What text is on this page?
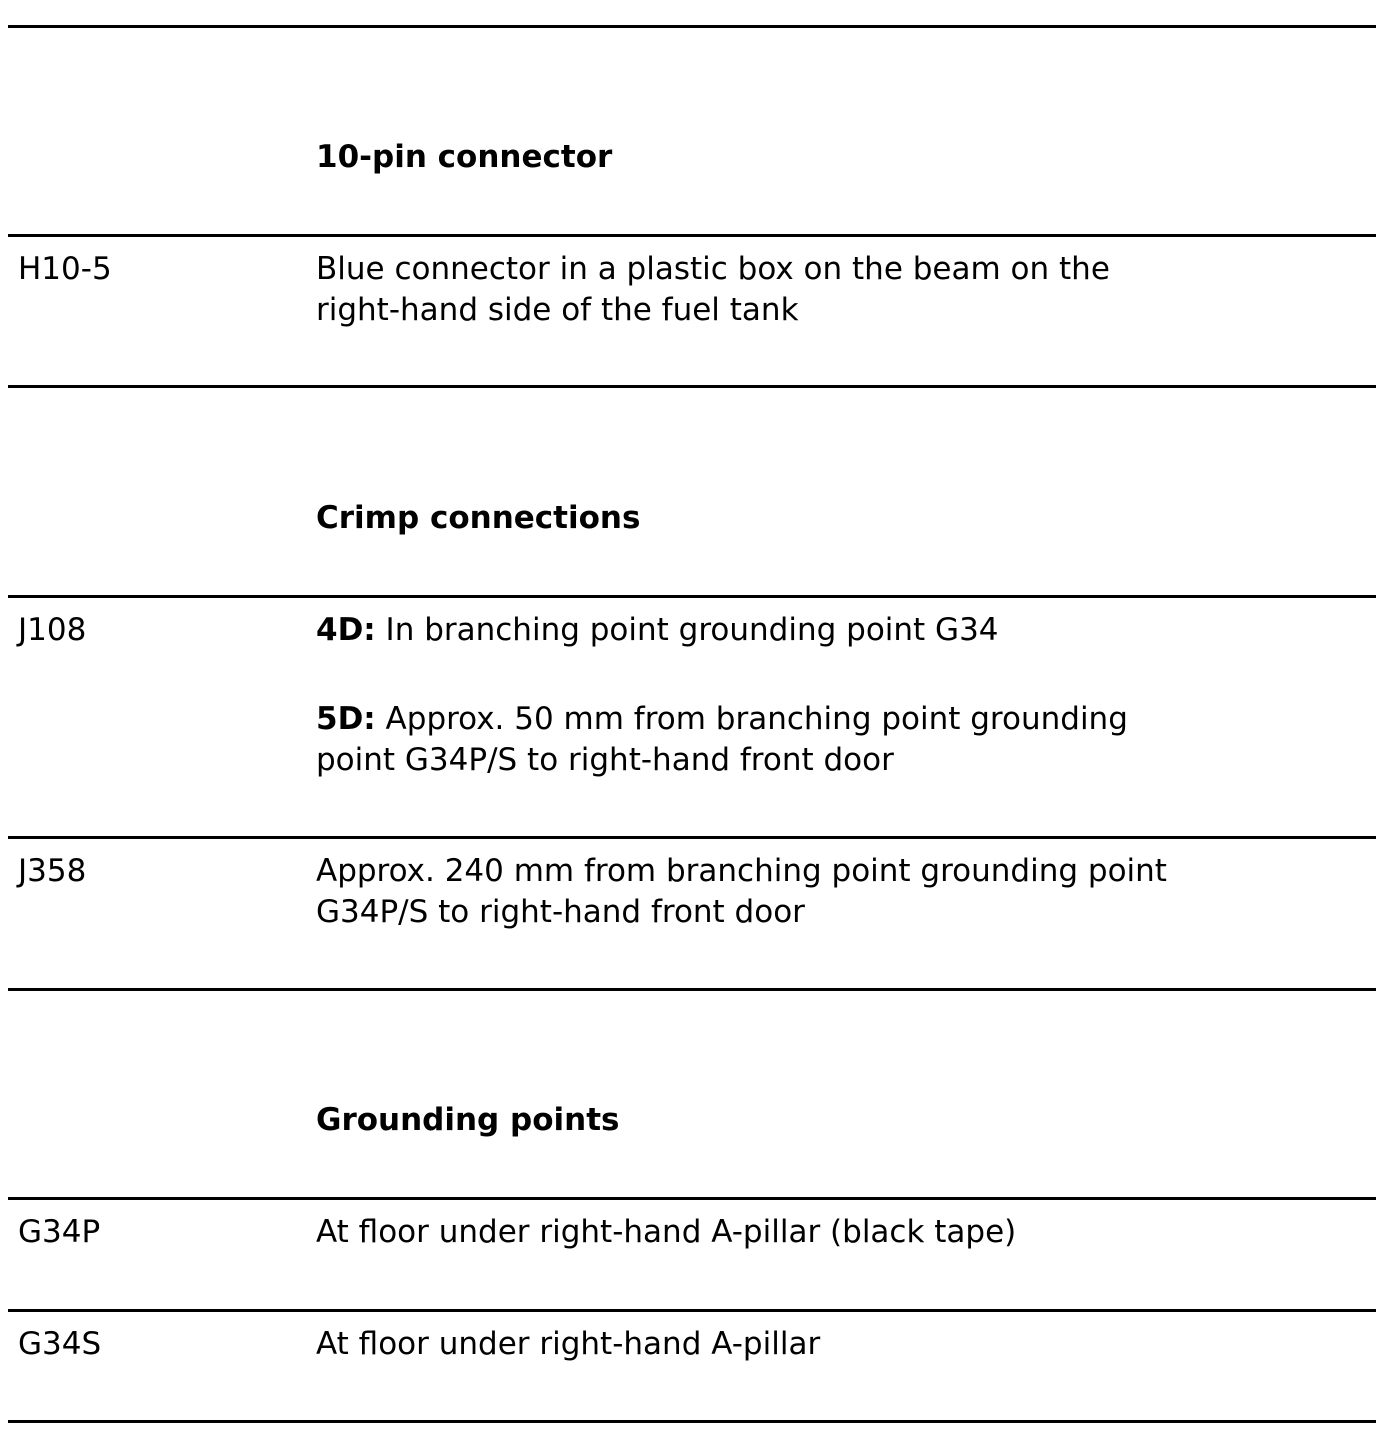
10-pin connector
H10-5	Blue connector in a plastic box on the beam on the
right-hand side of the fuel tank
Crimp connections
J108	4D: In branching point grounding point G34
5D: Approx. 50 mm from branching point grounding
point G34P/S to right-hand front door
J358	Approx. 240 mm from branching point grounding point
G34P/S to right-hand front door
Grounding points
G34P	At floor under right-hand A-pillar (black tape)
G34S	At floor under right-hand A-pillar
